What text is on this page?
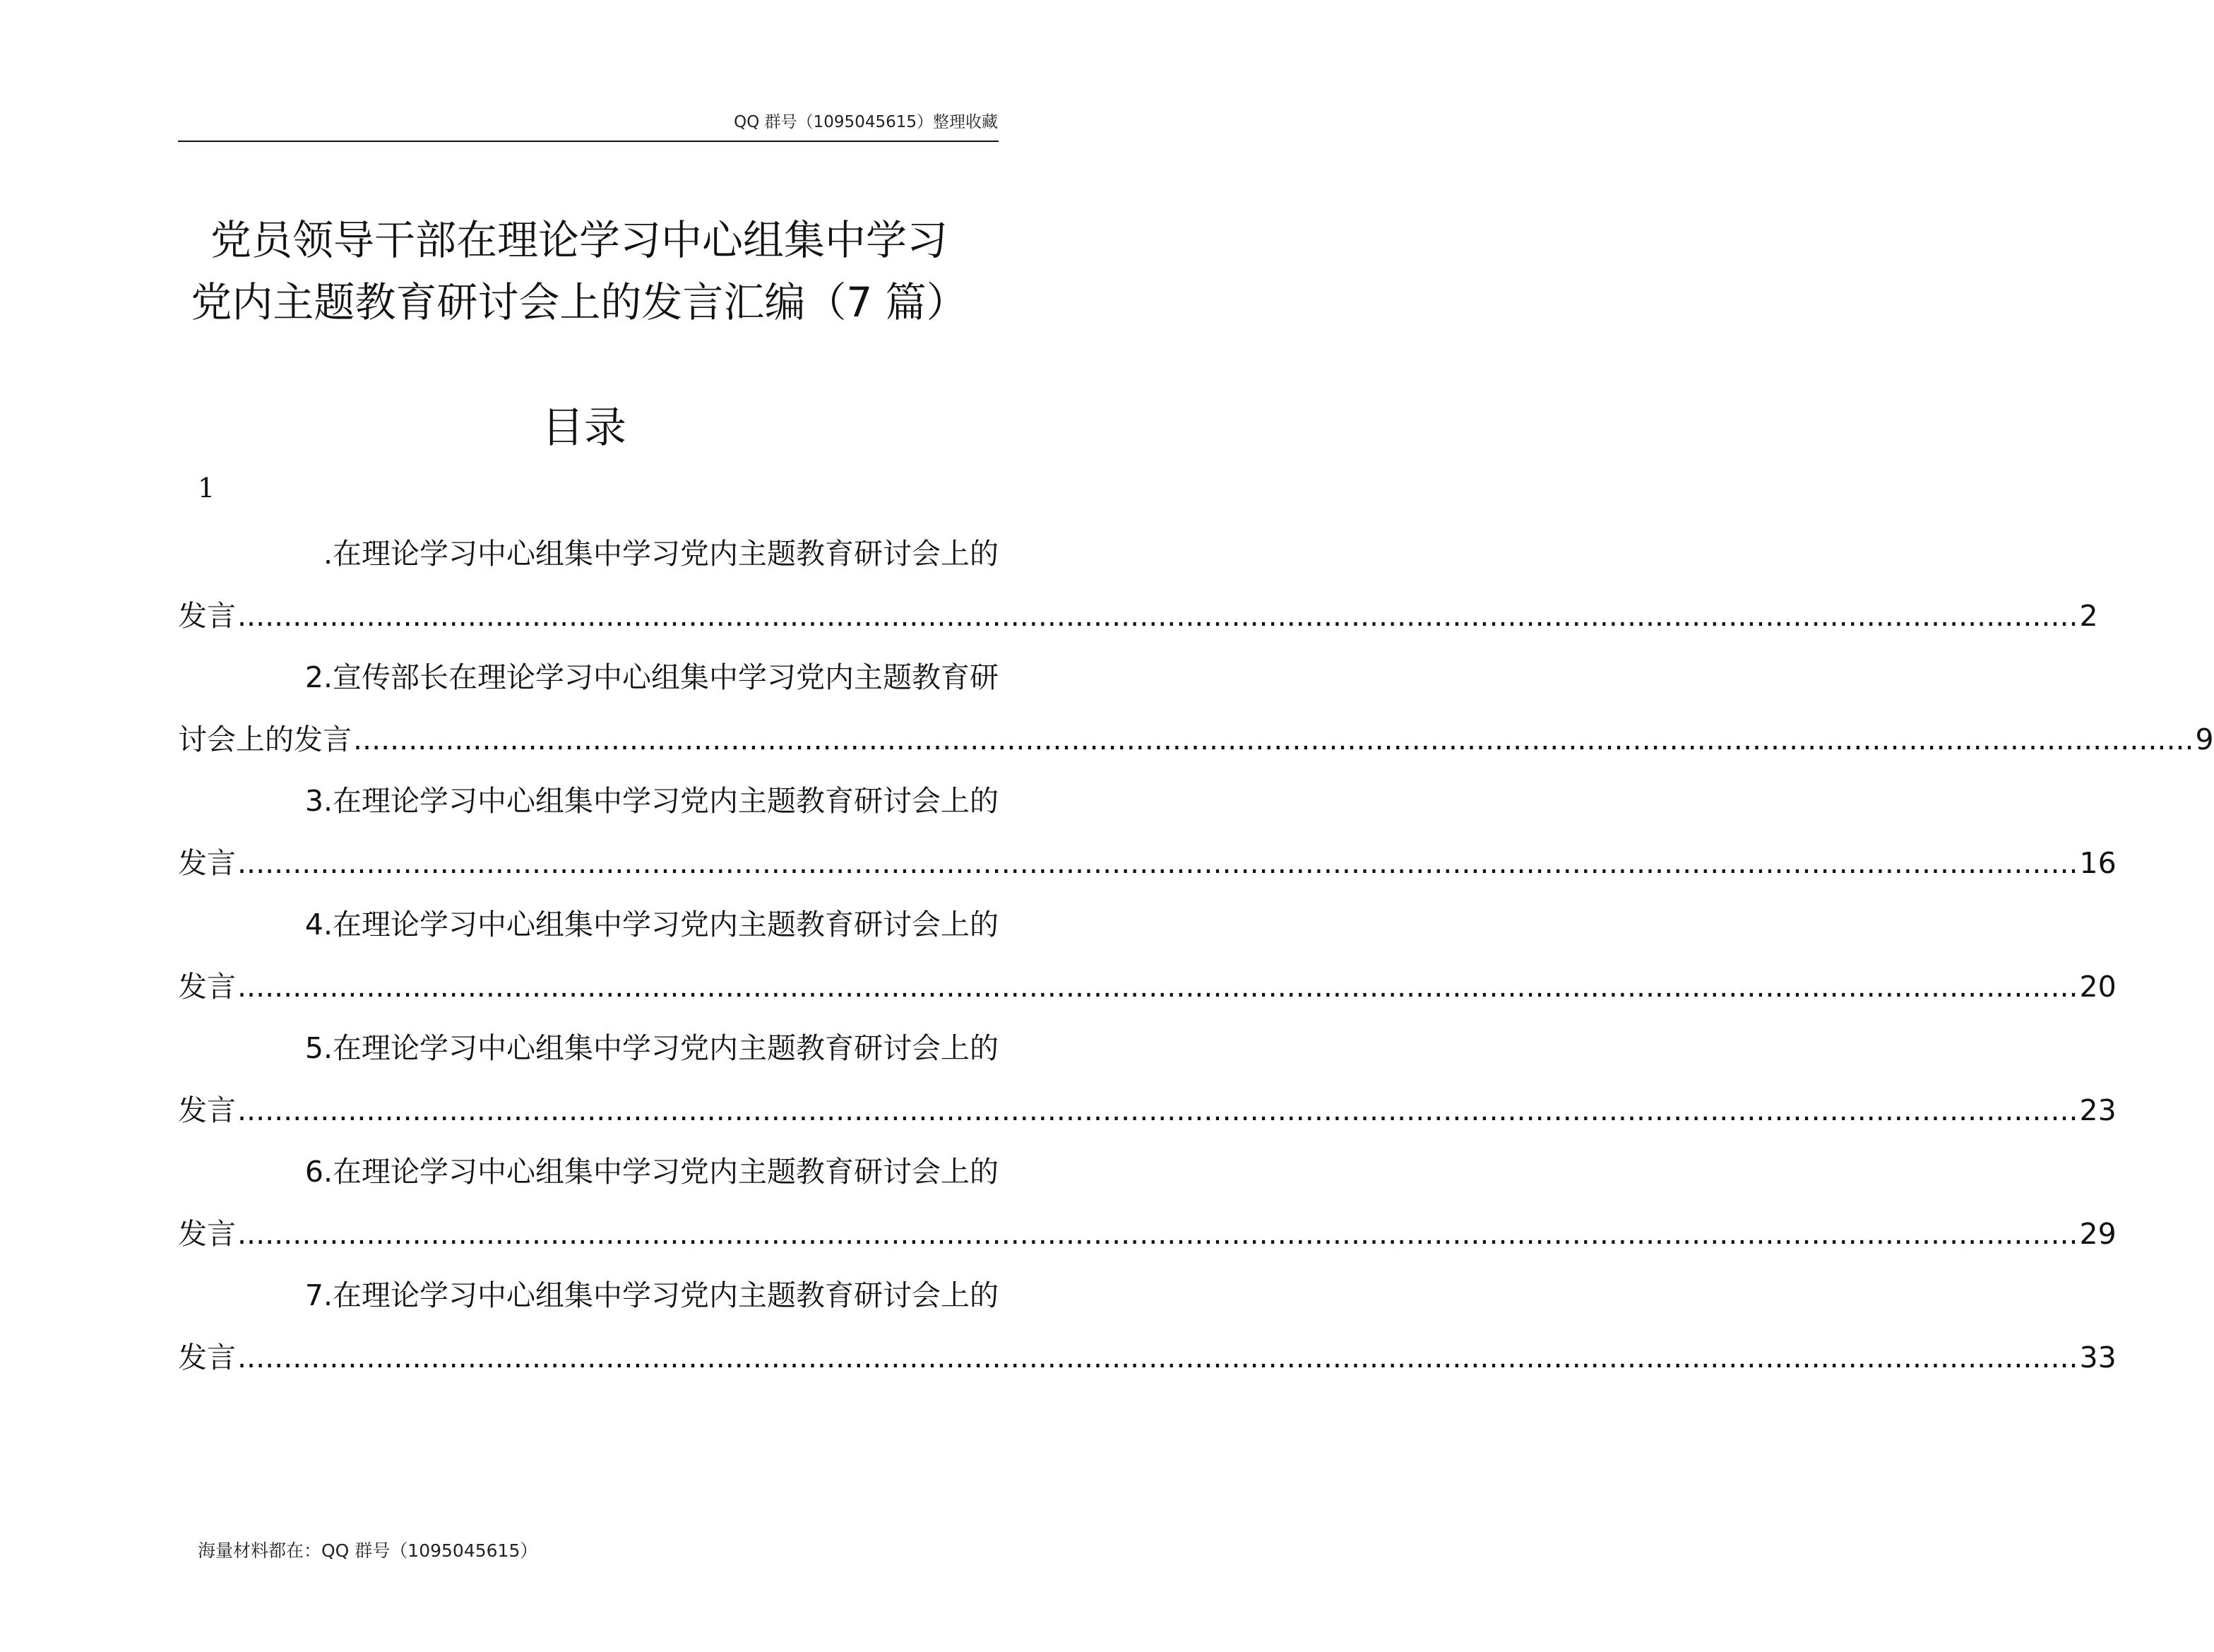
QQ 群号（1095045615）整理收藏
党员领导干部在理论学习中心组集中学习
党内主题教育研讨会上的发言汇编（7 篇）
目录
1
.在理论学习中心组集中学习党内主题教育研讨会上的
发言 ........................................................................................................................................................................................................ 2
2.宣传部长在理论学习中心组集中学习党内主题教育研
讨会上的发言 ........................................................................................................................................................................................................ 9
3.在理论学习中心组集中学习党内主题教育研讨会上的
发言 ........................................................................................................................................................................................................ 16
4.在理论学习中心组集中学习党内主题教育研讨会上的
发言 ........................................................................................................................................................................................................ 20
5.在理论学习中心组集中学习党内主题教育研讨会上的
发言 ........................................................................................................................................................................................................ 23
6.在理论学习中心组集中学习党内主题教育研讨会上的
发言 ........................................................................................................................................................................................................ 29
7.在理论学习中心组集中学习党内主题教育研讨会上的
发言 ........................................................................................................................................................................................................ 33
海量材料都在：QQ 群号（1095045615）
